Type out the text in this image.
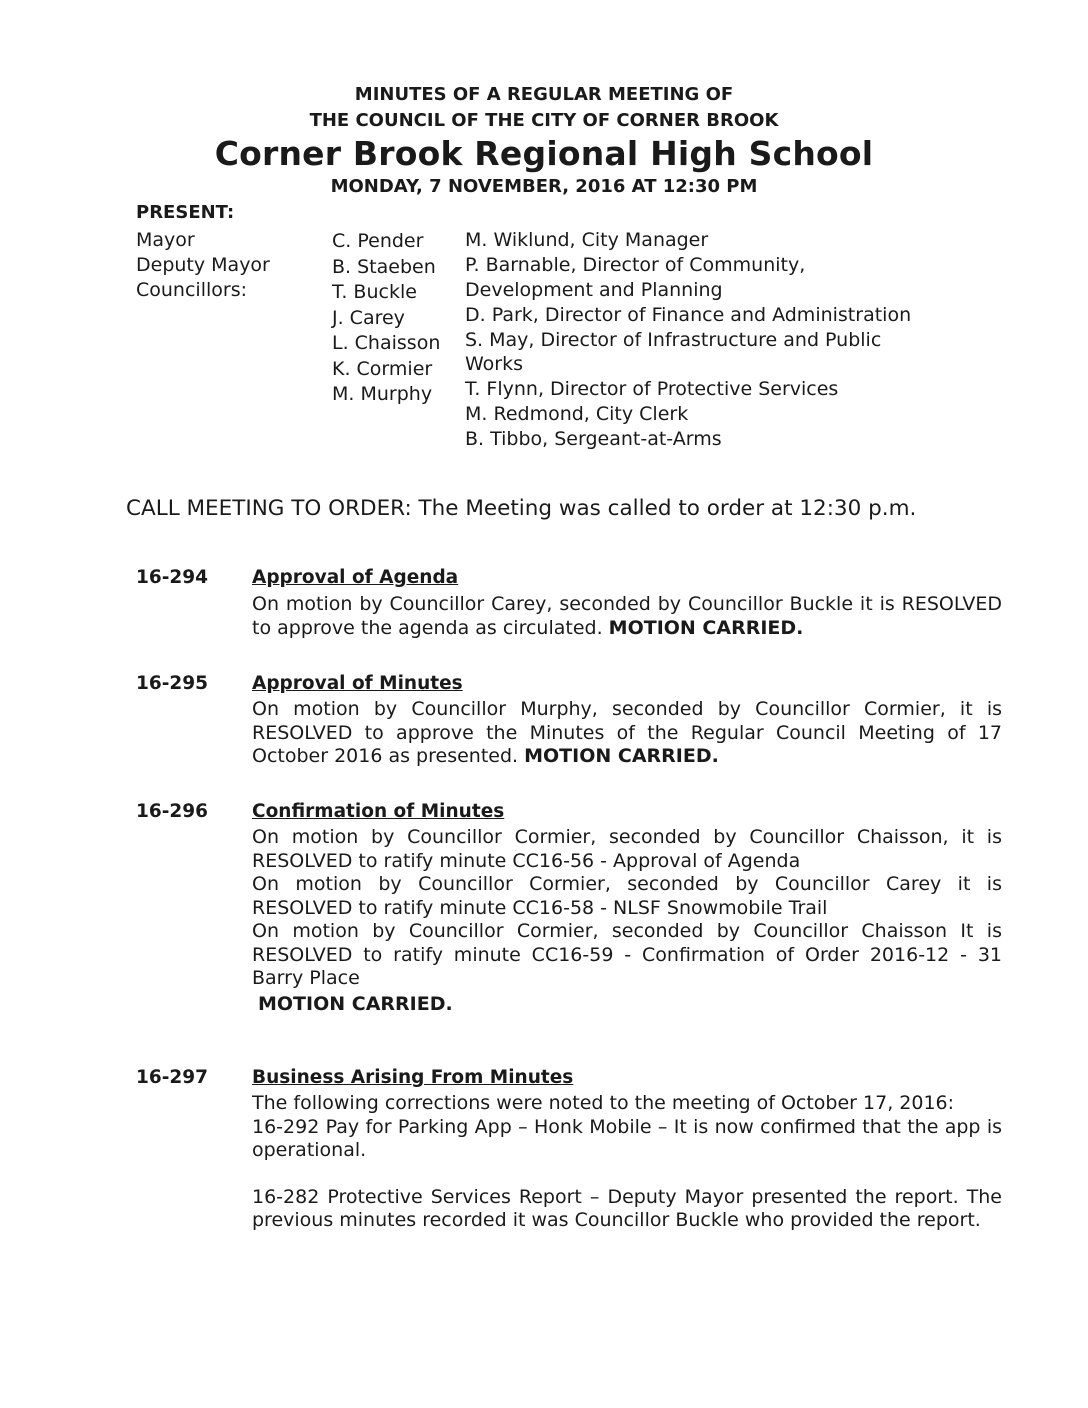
MINUTES OF A REGULAR MEETING OF
THE COUNCIL OF THE CITY OF CORNER BROOK
Corner Brook Regional High School
MONDAY, 7 NOVEMBER, 2016 AT 12:30 PM
PRESENT:
Mayor
Deputy Mayor
Councillors:
C. Pender
B. Staeben
T. Buckle
J. Carey
L. Chaisson
K. Cormier
M. Murphy
M. Wiklund, City Manager
P. Barnable, Director of Community,
Development and Planning
D. Park, Director of Finance and Administration
S. May, Director of Infrastructure and Public
Works
T. Flynn, Director of Protective Services
M. Redmond, City Clerk
B. Tibbo, Sergeant-at-Arms
CALL MEETING TO ORDER: The Meeting was called to order at 12:30 p.m.
16-294 Approval of Agenda

On motion by Councillor Carey, seconded by Councillor Buckle it is RESOLVED to approve the agenda as circulated. MOTION CARRIED.

16-295 Approval of Minutes

On motion by Councillor Murphy, seconded by Councillor Cormier, it is RESOLVED to approve the Minutes of the Regular Council Meeting of 17 October 2016 as presented. MOTION CARRIED.

16-296 Confirmation of Minutes

On motion by Councillor Cormier, seconded by Councillor Chaisson, it is RESOLVED to ratify minute CC16-56 - Approval of Agenda

On motion by Councillor Cormier, seconded by Councillor Carey it is RESOLVED to ratify minute CC16-58 - NLSF Snowmobile Trail

On motion by Councillor Cormier, seconded by Councillor Chaisson It is RESOLVED to ratify minute CC16-59 - Confirmation of Order 2016-12 - 31 Barry Place

MOTION CARRIED.

16-297 Business Arising From Minutes

The following corrections were noted to the meeting of October 17, 2016:

16-292 Pay for Parking App – Honk Mobile – It is now confirmed that the app is operational.

16-282 Protective Services Report – Deputy Mayor presented the report. The previous minutes recorded it was Councillor Buckle who provided the report.
